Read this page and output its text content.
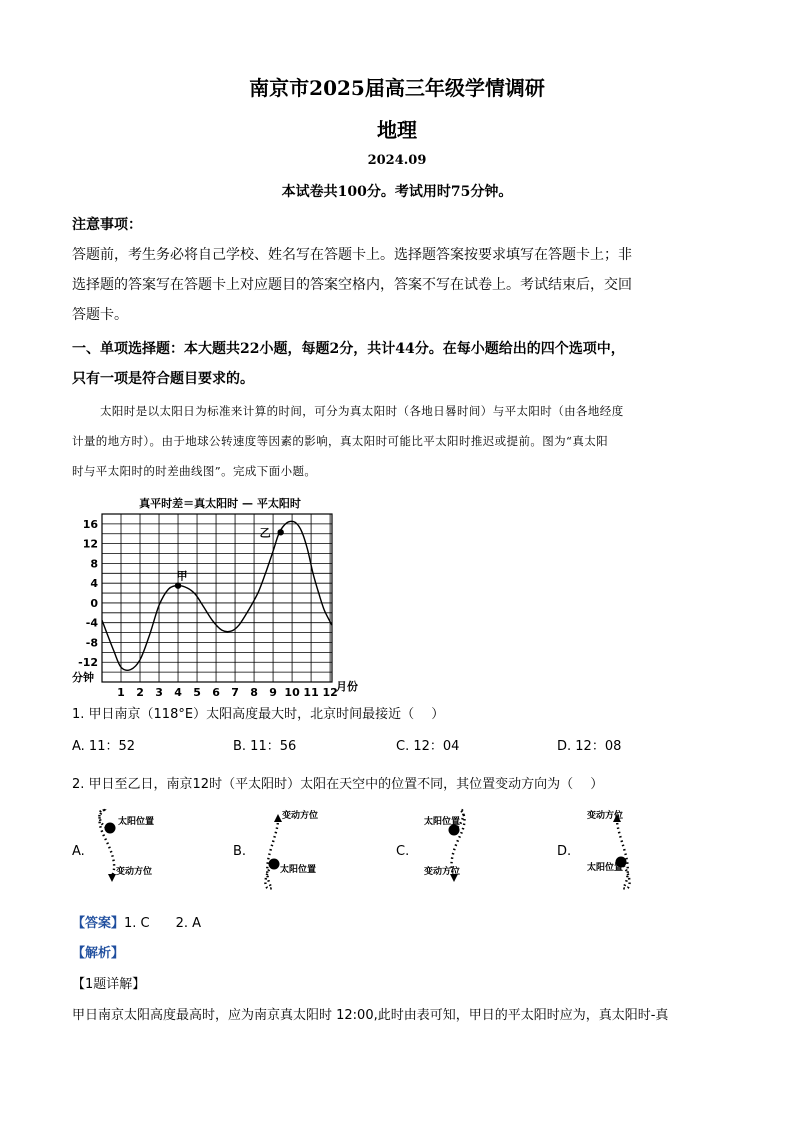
南京市2025届高三年级学情调研
地理
2024.09
本试卷共100分。考试用时75分钟。
注意事项：
答题前，考生务必将自己学校、姓名写在答题卡上。选择题答案按要求填写在答题卡上；非
选择题的答案写在答题卡上对应题目的答案空格内，答案不写在试卷上。考试结束后，交回
答题卡。
一、单项选择题：本大题共22小题，每题2分，共计44分。在每小题给出的四个选项中，
只有一项是符合题目要求的。
太阳时是以太阳日为标准来计算的时间，可分为真太阳时（各地日晷时间）与平太阳时（由各地经度
计量的地方时）。由于地球公转速度等因素的影响，真太阳时可能比平太阳时推迟或提前。图为“真太阳
时与平太阳时的时差曲线图”。完成下面小题。
真平时差＝真太阳时 — 平太阳时
16
12
8
4
0
-4
-8
-12
1 2 3 4 5 6 7 8 9 10 11 12
甲
乙
分钟
月份
1. 甲日南京（118°E）太阳高度最大时，北京时间最接近（　 ）
A. 11：52	B. 11：56	C. 12：04	D. 12：08
2. 甲日至乙日，南京12时（平太阳时）太阳在天空中的位置不同，其位置变动方向为（　 ）
A.
太阳位置
变动方位
B.
太阳位置
变动方位
C.
太阳位置
变动方位
D.
太阳位置
变动方位
【答案】1. C　　2. A
【解析】
【1题详解】
甲日南京太阳高度最高时，应为南京真太阳时 12:00,此时由表可知，甲日的平太阳时应为，真太阳时-真
